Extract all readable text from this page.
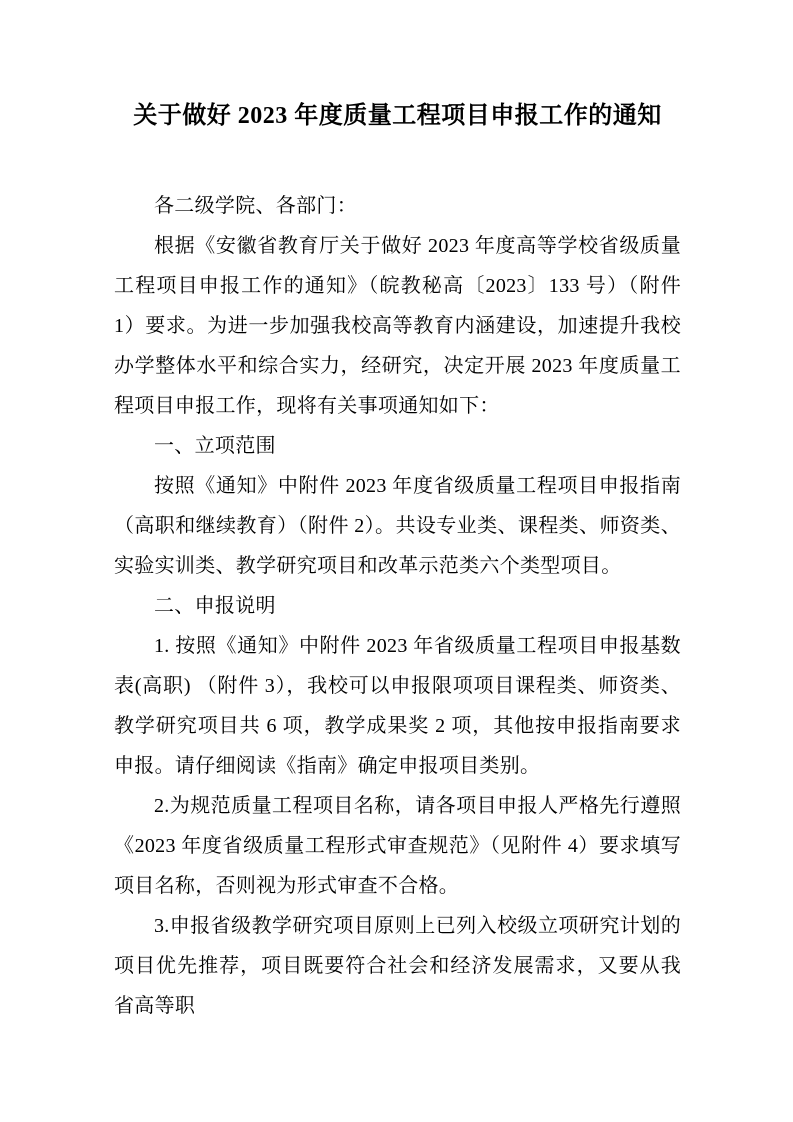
关于做好 2023 年度质量工程项目申报工作的通知

各二级学院、各部门：

根据《安徽省教育厅关于做好 2023 年度高等学校省级质量工程项目申报工作的通知》（皖教秘高〔2023〕133 号）（附件 1）要求。为进一步加强我校高等教育内涵建设，加速提升我校办学整体水平和综合实力，经研究，决定开展 2023 年度质量工程项目申报工作，现将有关事项通知如下：

一、立项范围

按照《通知》中附件 2023 年度省级质量工程项目申报指南（高职和继续教育）（附件 2）。共设专业类、课程类、师资类、实验实训类、教学研究项目和改革示范类六个类型项目。

二、申报说明

1. 按照《通知》中附件 2023 年省级质量工程项目申报基数表(高职) （附件 3），我校可以申报限项项目课程类、师资类、教学研究项目共 6 项，教学成果奖 2 项，其他按申报指南要求申报。请仔细阅读《指南》确定申报项目类别。

2.为规范质量工程项目名称，请各项目申报人严格先行遵照《2023 年度省级质量工程形式审查规范》（见附件 4）要求填写项目名称，否则视为形式审查不合格。

3.申报省级教学研究项目原则上已列入校级立项研究计划的项目优先推荐，项目既要符合社会和经济发展需求，又要从我省高等职
